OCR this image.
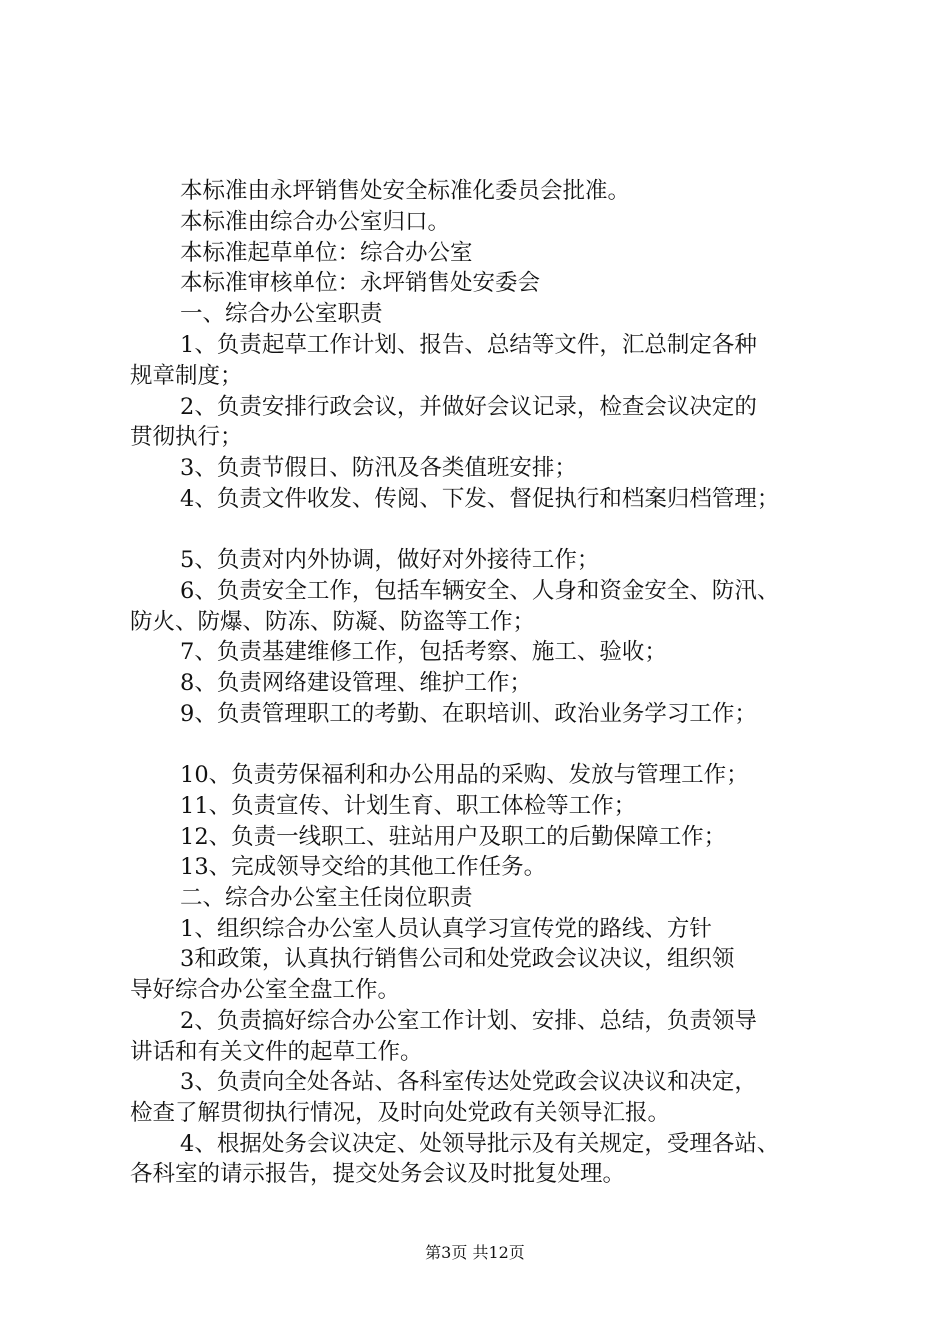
本标准由永坪销售处安全标准化委员会批准。
本标准由综合办公室归口。
本标准起草单位：综合办公室
本标准审核单位：永坪销售处安委会
一、综合办公室职责
1、负责起草工作计划、报告、总结等文件，汇总制定各种
规章制度；
2、负责安排行政会议，并做好会议记录，检查会议决定的
贯彻执行；
3、负责节假日、防汛及各类值班安排；
4、负责文件收发、传阅、下发、督促执行和档案归档管理；
5、负责对内外协调，做好对外接待工作；
6、负责安全工作，包括车辆安全、人身和资金安全、防汛、
防火、防爆、防冻、防凝、防盗等工作；
7、负责基建维修工作，包括考察、施工、验收；
8、负责网络建设管理、维护工作；
9、负责管理职工的考勤、在职培训、政治业务学习工作；
10、负责劳保福利和办公用品的采购、发放与管理工作；
11、负责宣传、计划生育、职工体检等工作；
12、负责一线职工、驻站用户及职工的后勤保障工作；
13、完成领导交给的其他工作任务。
二、综合办公室主任岗位职责
1、组织综合办公室人员认真学习宣传党的路线、方针
3和政策，认真执行销售公司和处党政会议决议，组织领
导好综合办公室全盘工作。
2、负责搞好综合办公室工作计划、安排、总结，负责领导
讲话和有关文件的起草工作。
3、负责向全处各站、各科室传达处党政会议决议和决定，
检查了解贯彻执行情况，及时向处党政有关领导汇报。
4、根据处务会议决定、处领导批示及有关规定，受理各站、
各科室的请示报告，提交处务会议及时批复处理。
第3页 共12页
